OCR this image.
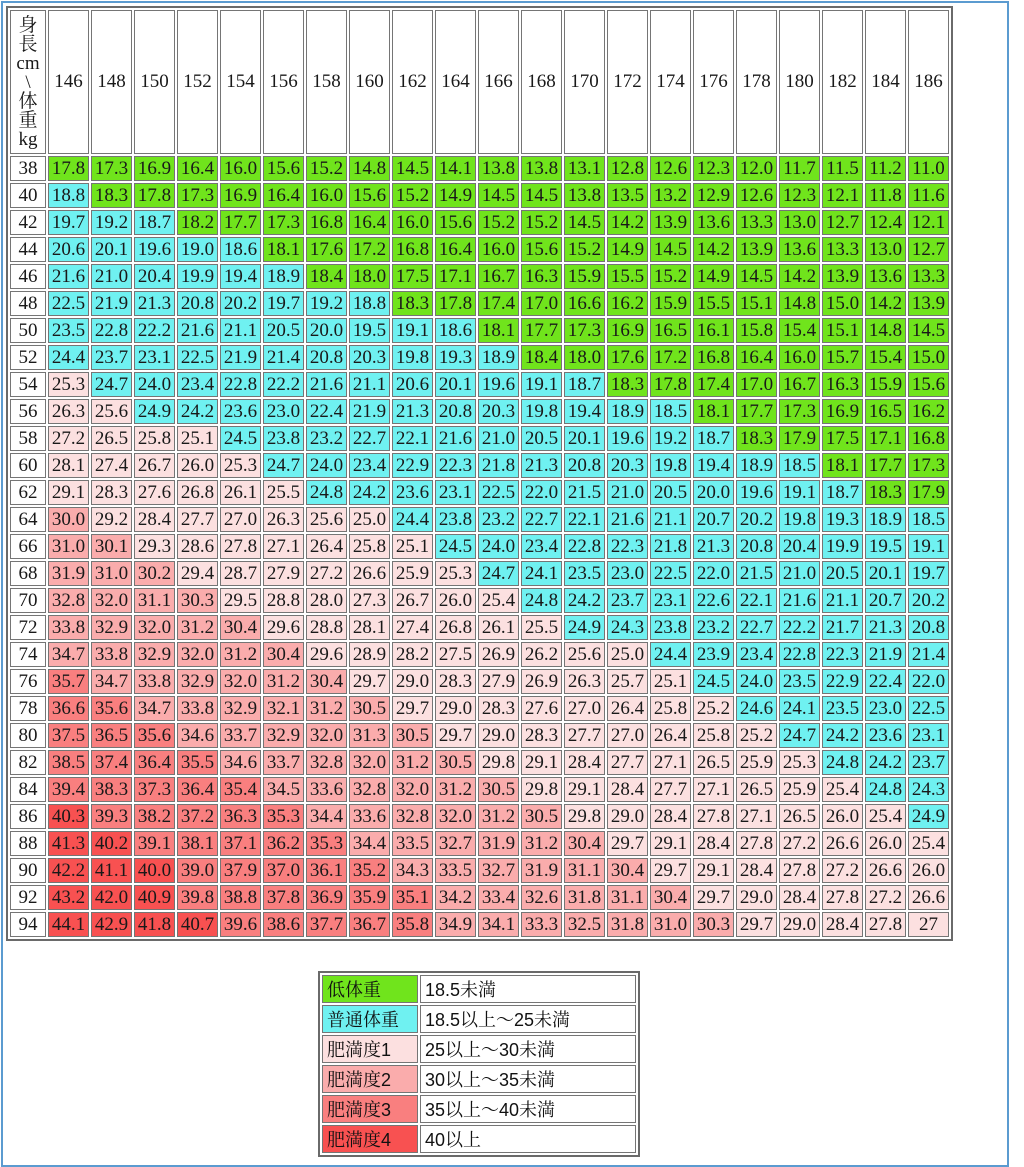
身
長
cm
\
体
重
kg
	146	148	150	152	154	156	158	160	162	164	166	168	170	172	174	176	178	180	182	184	186
38	17.8	17.3	16.9	16.4	16.0	15.6	15.2	14.8	14.5	14.1	13.8	13.8	13.1	12.8	12.6	12.3	12.0	11.7	11.5	11.2	11.0
40	18.8	18.3	17.8	17.3	16.9	16.4	16.0	15.6	15.2	14.9	14.5	14.5	13.8	13.5	13.2	12.9	12.6	12.3	12.1	11.8	11.6
42	19.7	19.2	18.7	18.2	17.7	17.3	16.8	16.4	16.0	15.6	15.2	15.2	14.5	14.2	13.9	13.6	13.3	13.0	12.7	12.4	12.1
44	20.6	20.1	19.6	19.0	18.6	18.1	17.6	17.2	16.8	16.4	16.0	15.6	15.2	14.9	14.5	14.2	13.9	13.6	13.3	13.0	12.7
46	21.6	21.0	20.4	19.9	19.4	18.9	18.4	18.0	17.5	17.1	16.7	16.3	15.9	15.5	15.2	14.9	14.5	14.2	13.9	13.6	13.3
48	22.5	21.9	21.3	20.8	20.2	19.7	19.2	18.8	18.3	17.8	17.4	17.0	16.6	16.2	15.9	15.5	15.1	14.8	15.0	14.2	13.9
50	23.5	22.8	22.2	21.6	21.1	20.5	20.0	19.5	19.1	18.6	18.1	17.7	17.3	16.9	16.5	16.1	15.8	15.4	15.1	14.8	14.5
52	24.4	23.7	23.1	22.5	21.9	21.4	20.8	20.3	19.8	19.3	18.9	18.4	18.0	17.6	17.2	16.8	16.4	16.0	15.7	15.4	15.0
54	25.3	24.7	24.0	23.4	22.8	22.2	21.6	21.1	20.6	20.1	19.6	19.1	18.7	18.3	17.8	17.4	17.0	16.7	16.3	15.9	15.6
56	26.3	25.6	24.9	24.2	23.6	23.0	22.4	21.9	21.3	20.8	20.3	19.8	19.4	18.9	18.5	18.1	17.7	17.3	16.9	16.5	16.2
58	27.2	26.5	25.8	25.1	24.5	23.8	23.2	22.7	22.1	21.6	21.0	20.5	20.1	19.6	19.2	18.7	18.3	17.9	17.5	17.1	16.8
60	28.1	27.4	26.7	26.0	25.3	24.7	24.0	23.4	22.9	22.3	21.8	21.3	20.8	20.3	19.8	19.4	18.9	18.5	18.1	17.7	17.3
62	29.1	28.3	27.6	26.8	26.1	25.5	24.8	24.2	23.6	23.1	22.5	22.0	21.5	21.0	20.5	20.0	19.6	19.1	18.7	18.3	17.9
64	30.0	29.2	28.4	27.7	27.0	26.3	25.6	25.0	24.4	23.8	23.2	22.7	22.1	21.6	21.1	20.7	20.2	19.8	19.3	18.9	18.5
66	31.0	30.1	29.3	28.6	27.8	27.1	26.4	25.8	25.1	24.5	24.0	23.4	22.8	22.3	21.8	21.3	20.8	20.4	19.9	19.5	19.1
68	31.9	31.0	30.2	29.4	28.7	27.9	27.2	26.6	25.9	25.3	24.7	24.1	23.5	23.0	22.5	22.0	21.5	21.0	20.5	20.1	19.7
70	32.8	32.0	31.1	30.3	29.5	28.8	28.0	27.3	26.7	26.0	25.4	24.8	24.2	23.7	23.1	22.6	22.1	21.6	21.1	20.7	20.2
72	33.8	32.9	32.0	31.2	30.4	29.6	28.8	28.1	27.4	26.8	26.1	25.5	24.9	24.3	23.8	23.2	22.7	22.2	21.7	21.3	20.8
74	34.7	33.8	32.9	32.0	31.2	30.4	29.6	28.9	28.2	27.5	26.9	26.2	25.6	25.0	24.4	23.9	23.4	22.8	22.3	21.9	21.4
76	35.7	34.7	33.8	32.9	32.0	31.2	30.4	29.7	29.0	28.3	27.9	26.9	26.3	25.7	25.1	24.5	24.0	23.5	22.9	22.4	22.0
78	36.6	35.6	34.7	33.8	32.9	32.1	31.2	30.5	29.7	29.0	28.3	27.6	27.0	26.4	25.8	25.2	24.6	24.1	23.5	23.0	22.5
80	37.5	36.5	35.6	34.6	33.7	32.9	32.0	31.3	30.5	29.7	29.0	28.3	27.7	27.0	26.4	25.8	25.2	24.7	24.2	23.6	23.1
82	38.5	37.4	36.4	35.5	34.6	33.7	32.8	32.0	31.2	30.5	29.8	29.1	28.4	27.7	27.1	26.5	25.9	25.3	24.8	24.2	23.7
84	39.4	38.3	37.3	36.4	35.4	34.5	33.6	32.8	32.0	31.2	30.5	29.8	29.1	28.4	27.7	27.1	26.5	25.9	25.4	24.8	24.3
86	40.3	39.3	38.2	37.2	36.3	35.3	34.4	33.6	32.8	32.0	31.2	30.5	29.8	29.0	28.4	27.8	27.1	26.5	26.0	25.4	24.9
88	41.3	40.2	39.1	38.1	37.1	36.2	35.3	34.4	33.5	32.7	31.9	31.2	30.4	29.7	29.1	28.4	27.8	27.2	26.6	26.0	25.4
90	42.2	41.1	40.0	39.0	37.9	37.0	36.1	35.2	34.3	33.5	32.7	31.9	31.1	30.4	29.7	29.1	28.4	27.8	27.2	26.6	26.0
92	43.2	42.0	40.9	39.8	38.8	37.8	36.9	35.9	35.1	34.2	33.4	32.6	31.8	31.1	30.4	29.7	29.0	28.4	27.8	27.2	26.6
94	44.1	42.9	41.8	40.7	39.6	38.6	37.7	36.7	35.8	34.9	34.1	33.3	32.5	31.8	31.0	30.3	29.7	29.0	28.4	27.8	27
低体重	18.5未満
普通体重	18.5以上〜25未満
肥満度1	25以上〜30未満
肥満度2	30以上〜35未満
肥満度3	35以上〜40未満
肥満度4	40以上
